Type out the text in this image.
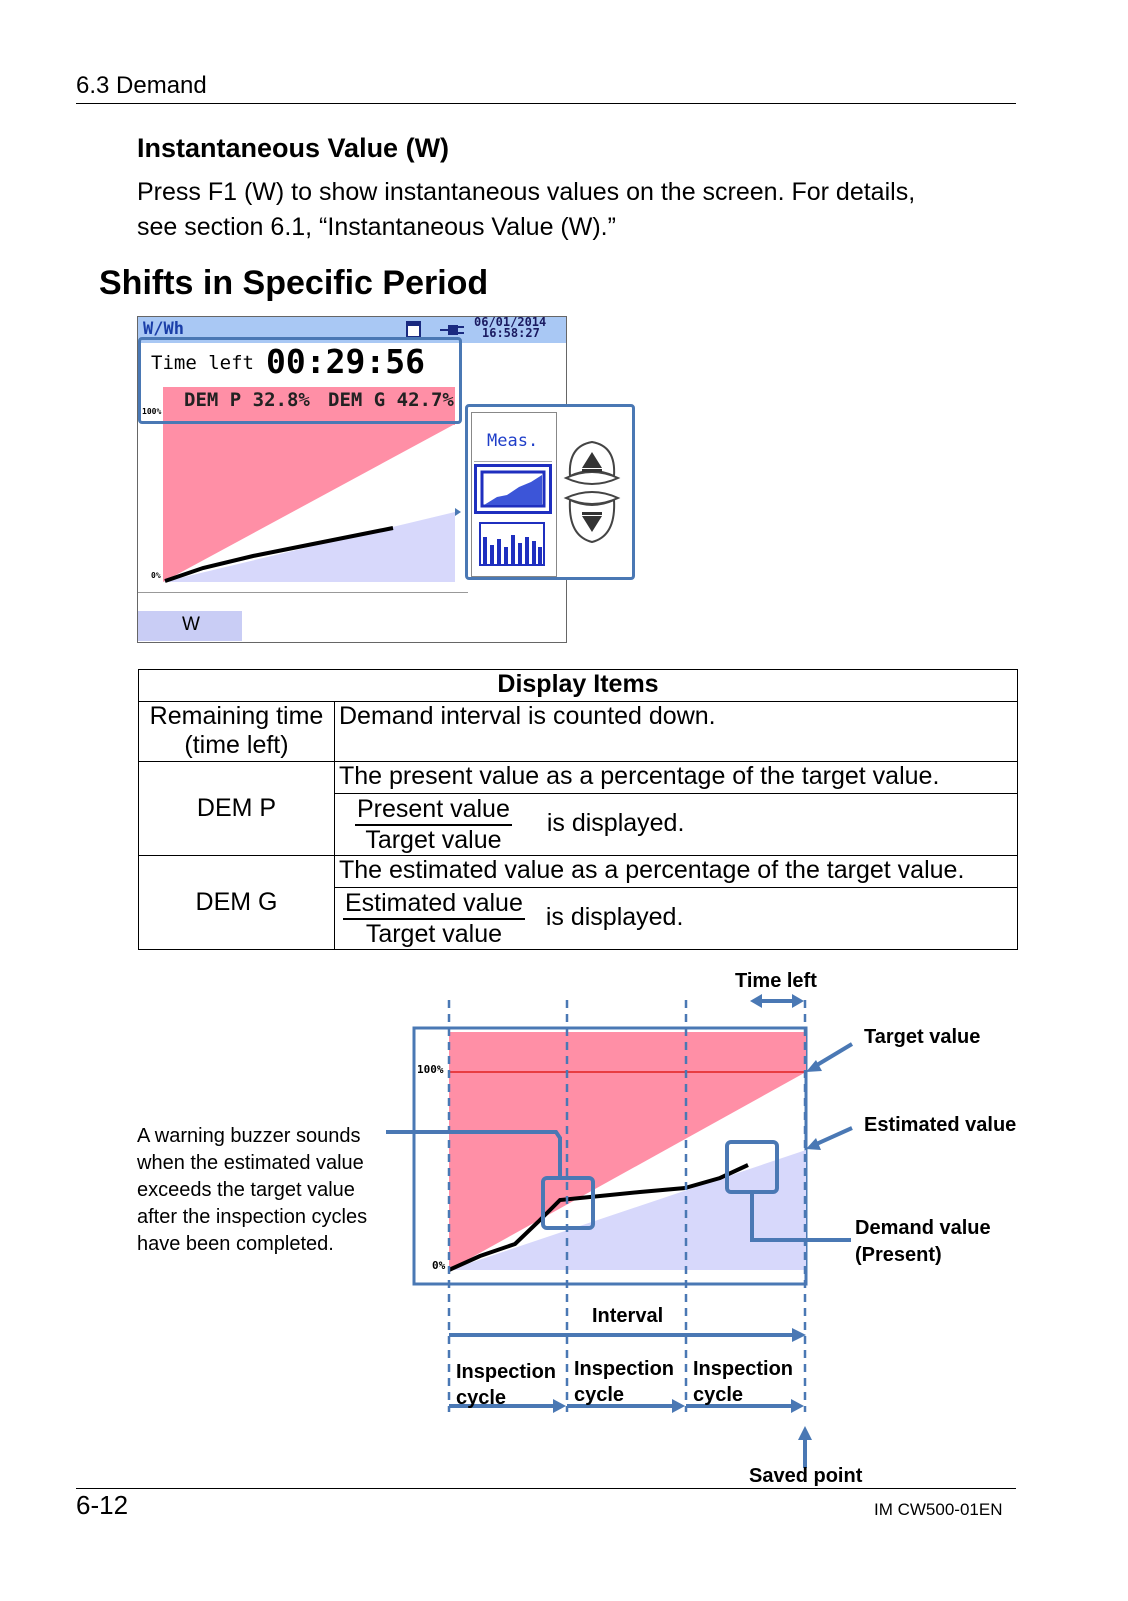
6.3 Demand
Instantaneous Value (W)
Press F1 (W) to show instantaneous values on the screen. For details,
see section 6.1, “Instantaneous Value (W).”
Shifts in Specific Period
W/Wh	06/01/2014
16:58:27
100%
DEM P 32.8% DEM G 42.7%
Time left 00:29:56
0%
W
Meas.
Display Items	

Remaining time
(time left)	Demand interval is counted down.
DEM P	The present value as a percentage of the target value.

	$\frac{\text{Present value}}{\text{Target value}}$ is displayed.
DEM G	The estimated value as a percentage of the target value.

	$\frac{\text{Estimated value}}{\text{Target value}}$ is displayed.
100%
0%
Time left
Target value
Estimated value
Demand value
(Present)
Interval
Inspection
cycle
Inspection
cycle
Inspection
cycle
Saved point
A warning buzzer sounds
when the estimated value
exceeds the target value
after the inspection cycles
have been completed.
6-12	IM CW500-01EN
